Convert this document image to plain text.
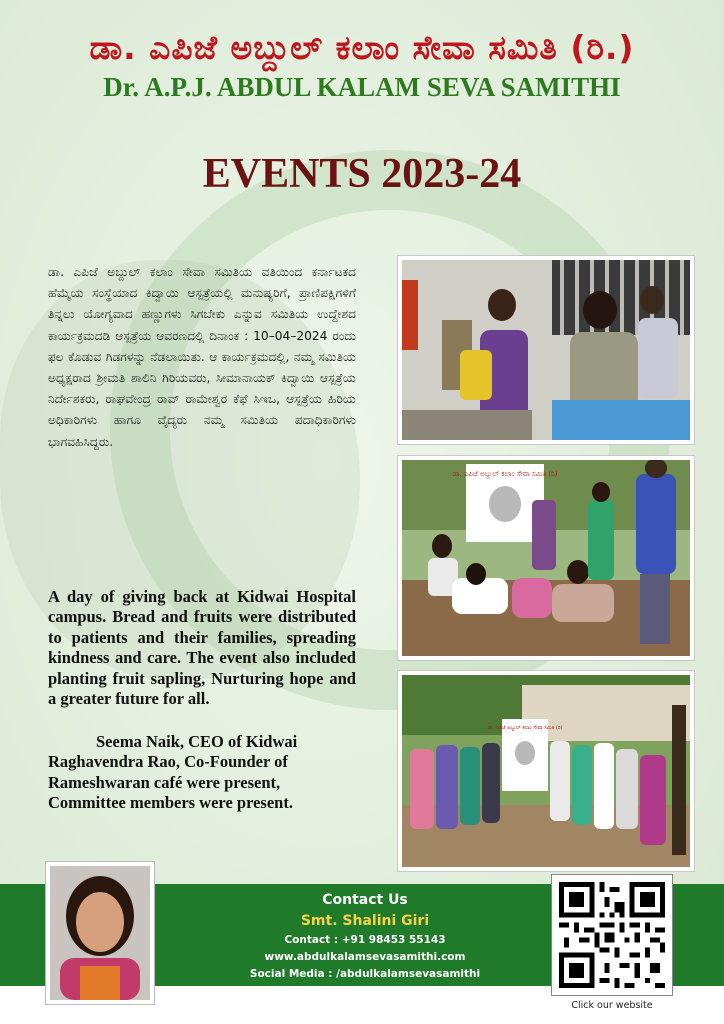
ಡಾ. ಎಪಿಜೆ ಅಬ್ದುಲ್ ಕಲಾಂ ಸೇವಾ ಸಮಿತಿ (ರಿ.)
Dr. A.P.J. ABDUL KALAM SEVA SAMITHI
EVENTS 2023-24

ಡಾ. ಎಪಿಜೆ ಅಬ್ದುಲ್ ಕಲಾಂ ಸೇವಾ ಸಮಿತಿಯ ವತಿಯಿಂದ ಕರ್ನಾಟಕದ ಹೆಮ್ಮೆಯ ಸಂಸ್ಥೆಯಾದ ಕಿದ್ವಾಯಿ ಆಸ್ಪತ್ರೆಯಲ್ಲಿ ಮನುಷ್ಯರಿಗೆ, ಪ್ರಾಣಿಪಕ್ಷಿಗಳಿಗೆ ತಿನ್ನಲು ಯೋಗ್ಯವಾದ ಹಣ್ಣುಗಳು ಸಿಗಬೇಕು ಎನ್ನುವ ಸಮಿತಿಯ ಉದ್ದೇಶದ ಕಾರ್ಯಕ್ರಮದಡಿ ಆಸ್ಪತ್ರೆಯ ಆವರಣದಲ್ಲಿ ದಿನಾಂಕ : 10–04–2024 ರಂದು ಫಲ ಕೊಡುವ ಗಿಡಗಳನ್ನು ನೆಡಲಾಯಿತು. ಆ ಕಾರ್ಯಕ್ರಮದಲ್ಲಿ, ನಮ್ಮ ಸಮಿತಿಯ ಅಧ್ಯಕ್ಷರಾದ ಶ್ರೀಮತಿ ಶಾಲಿನಿ ಗಿರಿಯವರು, ಸೀಮಾನಾಯಕ್ ಕಿದ್ವಾಯಿ ಆಸ್ಪತ್ರೆಯ ನಿರ್ದೇಶಕರು, ರಾಘವೇಂದ್ರ ರಾವ್ ರಾಮೇಶ್ವರ ಕೆಫೆ ಸಿಇಒ, ಆಸ್ಪತ್ರೆಯ ಹಿರಿಯ ಅಧಿಕಾರಿಗಳು ಹಾಗೂ ವೈದ್ಯರು ನಮ್ಮ ಸಮಿತಿಯ ಪದಾಧಿಕಾರಿಗಳು ಭಾಗವಹಿಸಿದ್ದರು.

A day of giving back at Kidwai Hospital campus. Bread and fruits were distributed to patients and their families, spreading kindness and care. The event also included planting fruit sapling, Nurturing hope and a greater future for all.

Seema Naik, CEO of Kidwai
Raghavendra Rao, Co-Founder of
Rameshwaran café were present,
Committee members were present.

ಡಾ. ಎಪಿಜೆ ಅಬ್ದುಲ್ ಕಲಾಂ ಸೇವಾ ಸಮಿತಿ (ರಿ)
ಡಾ. ಎಪಿಜೆ ಅಬ್ದುಲ್ ಕಲಾಂ ಸೇವಾ ಸಮಿತಿ (ರಿ)
Contact Us
Smt. Shalini Giri
Contact : +91 98453 55143
www.abdulkalamsevasamithi.com
Social Media : /abdulkalamsevasamithi
Click our website
